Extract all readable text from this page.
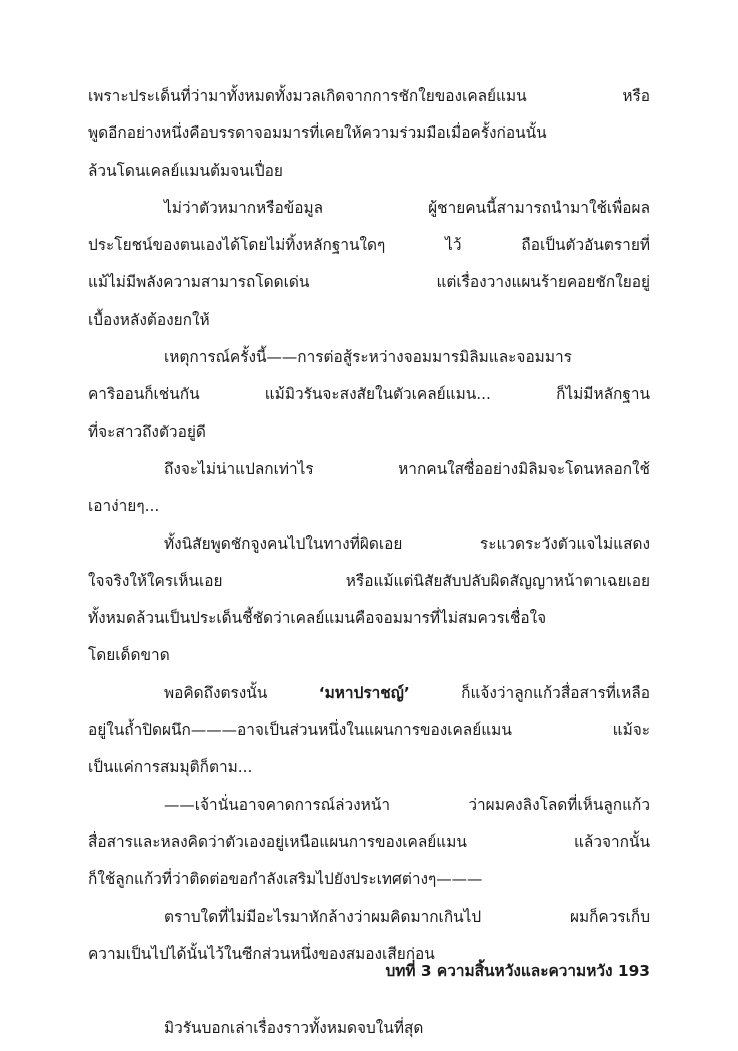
เพราะประเด็นที่ว่ามาทั้งหมดทั้งมวลเกิดจากการชักใยของเคลย์แมน หรือ
พูดอีกอย่างหนึ่งคือบรรดาจอมมารที่เคยให้ความร่วมมือเมื่อครั้งก่อนนั้น
ล้วนโดนเคลย์แมนต้มจนเปื่อย
ไม่ว่าตัวหมากหรือข้อมูล ผู้ชายคนนี้สามารถนำมาใช้เพื่อผล
ประโยชน์ของตนเองได้โดยไม่ทิ้งหลักฐานใดๆ ไว้ ถือเป็นตัวอันตรายที่
แม้ไม่มีพลังความสามารถโดดเด่น แต่เรื่องวางแผนร้ายคอยชักใยอยู่
เบื้องหลังต้องยกให้
เหตุการณ์ครั้งนี้——การต่อสู้ระหว่างจอมมารมิลิมและจอมมาร
คาริออนก็เช่นกัน แม้มิวรันจะสงสัยในตัวเคลย์แมน... ก็ไม่มีหลักฐาน
ที่จะสาวถึงตัวอยู่ดี
ถึงจะไม่น่าแปลกเท่าไร หากคนใสซื่ออย่างมิลิมจะโดนหลอกใช้
เอาง่ายๆ...
ทั้งนิสัยพูดชักจูงคนไปในทางที่ผิดเอย ระแวดระวังตัวแจไม่แสดง
ใจจริงให้ใครเห็นเอย หรือแม้แต่นิสัยสับปลับผิดสัญญาหน้าตาเฉยเอย
ทั้งหมดล้วนเป็นประเด็นชี้ชัดว่าเคลย์แมนคือจอมมารที่ไม่สมควรเชื่อใจ
โดยเด็ดขาด
พอคิดถึงตรงนั้น ‘มหาปราชญ์’	ก็แจ้งว่าลูกแก้วสื่อสารที่เหลือ
อยู่ในถ้ำปิดผนึก———อาจเป็นส่วนหนึ่งในแผนการของเคลย์แมน แม้จะ
เป็นแค่การสมมุติก็ตาม...
——เจ้านั่นอาจคาดการณ์ล่วงหน้า ว่าผมคงลิงโลดที่เห็นลูกแก้ว
สื่อสารและหลงคิดว่าตัวเองอยู่เหนือแผนการของเคลย์แมน แล้วจากนั้น
ก็ใช้ลูกแก้วที่ว่าติดต่อขอกำลังเสริมไปยังประเทศต่างๆ———
ตราบใดที่ไม่มีอะไรมาหักล้างว่าผมคิดมากเกินไป ผมก็ควรเก็บ
ความเป็นไปได้นั้นไว้ในซีกส่วนหนึ่งของสมองเสียก่อน
มิวรันบอกเล่าเรื่องราวทั้งหมดจบในที่สุด
บทที่ 3 ความสิ้นหวังและความหวัง 193
